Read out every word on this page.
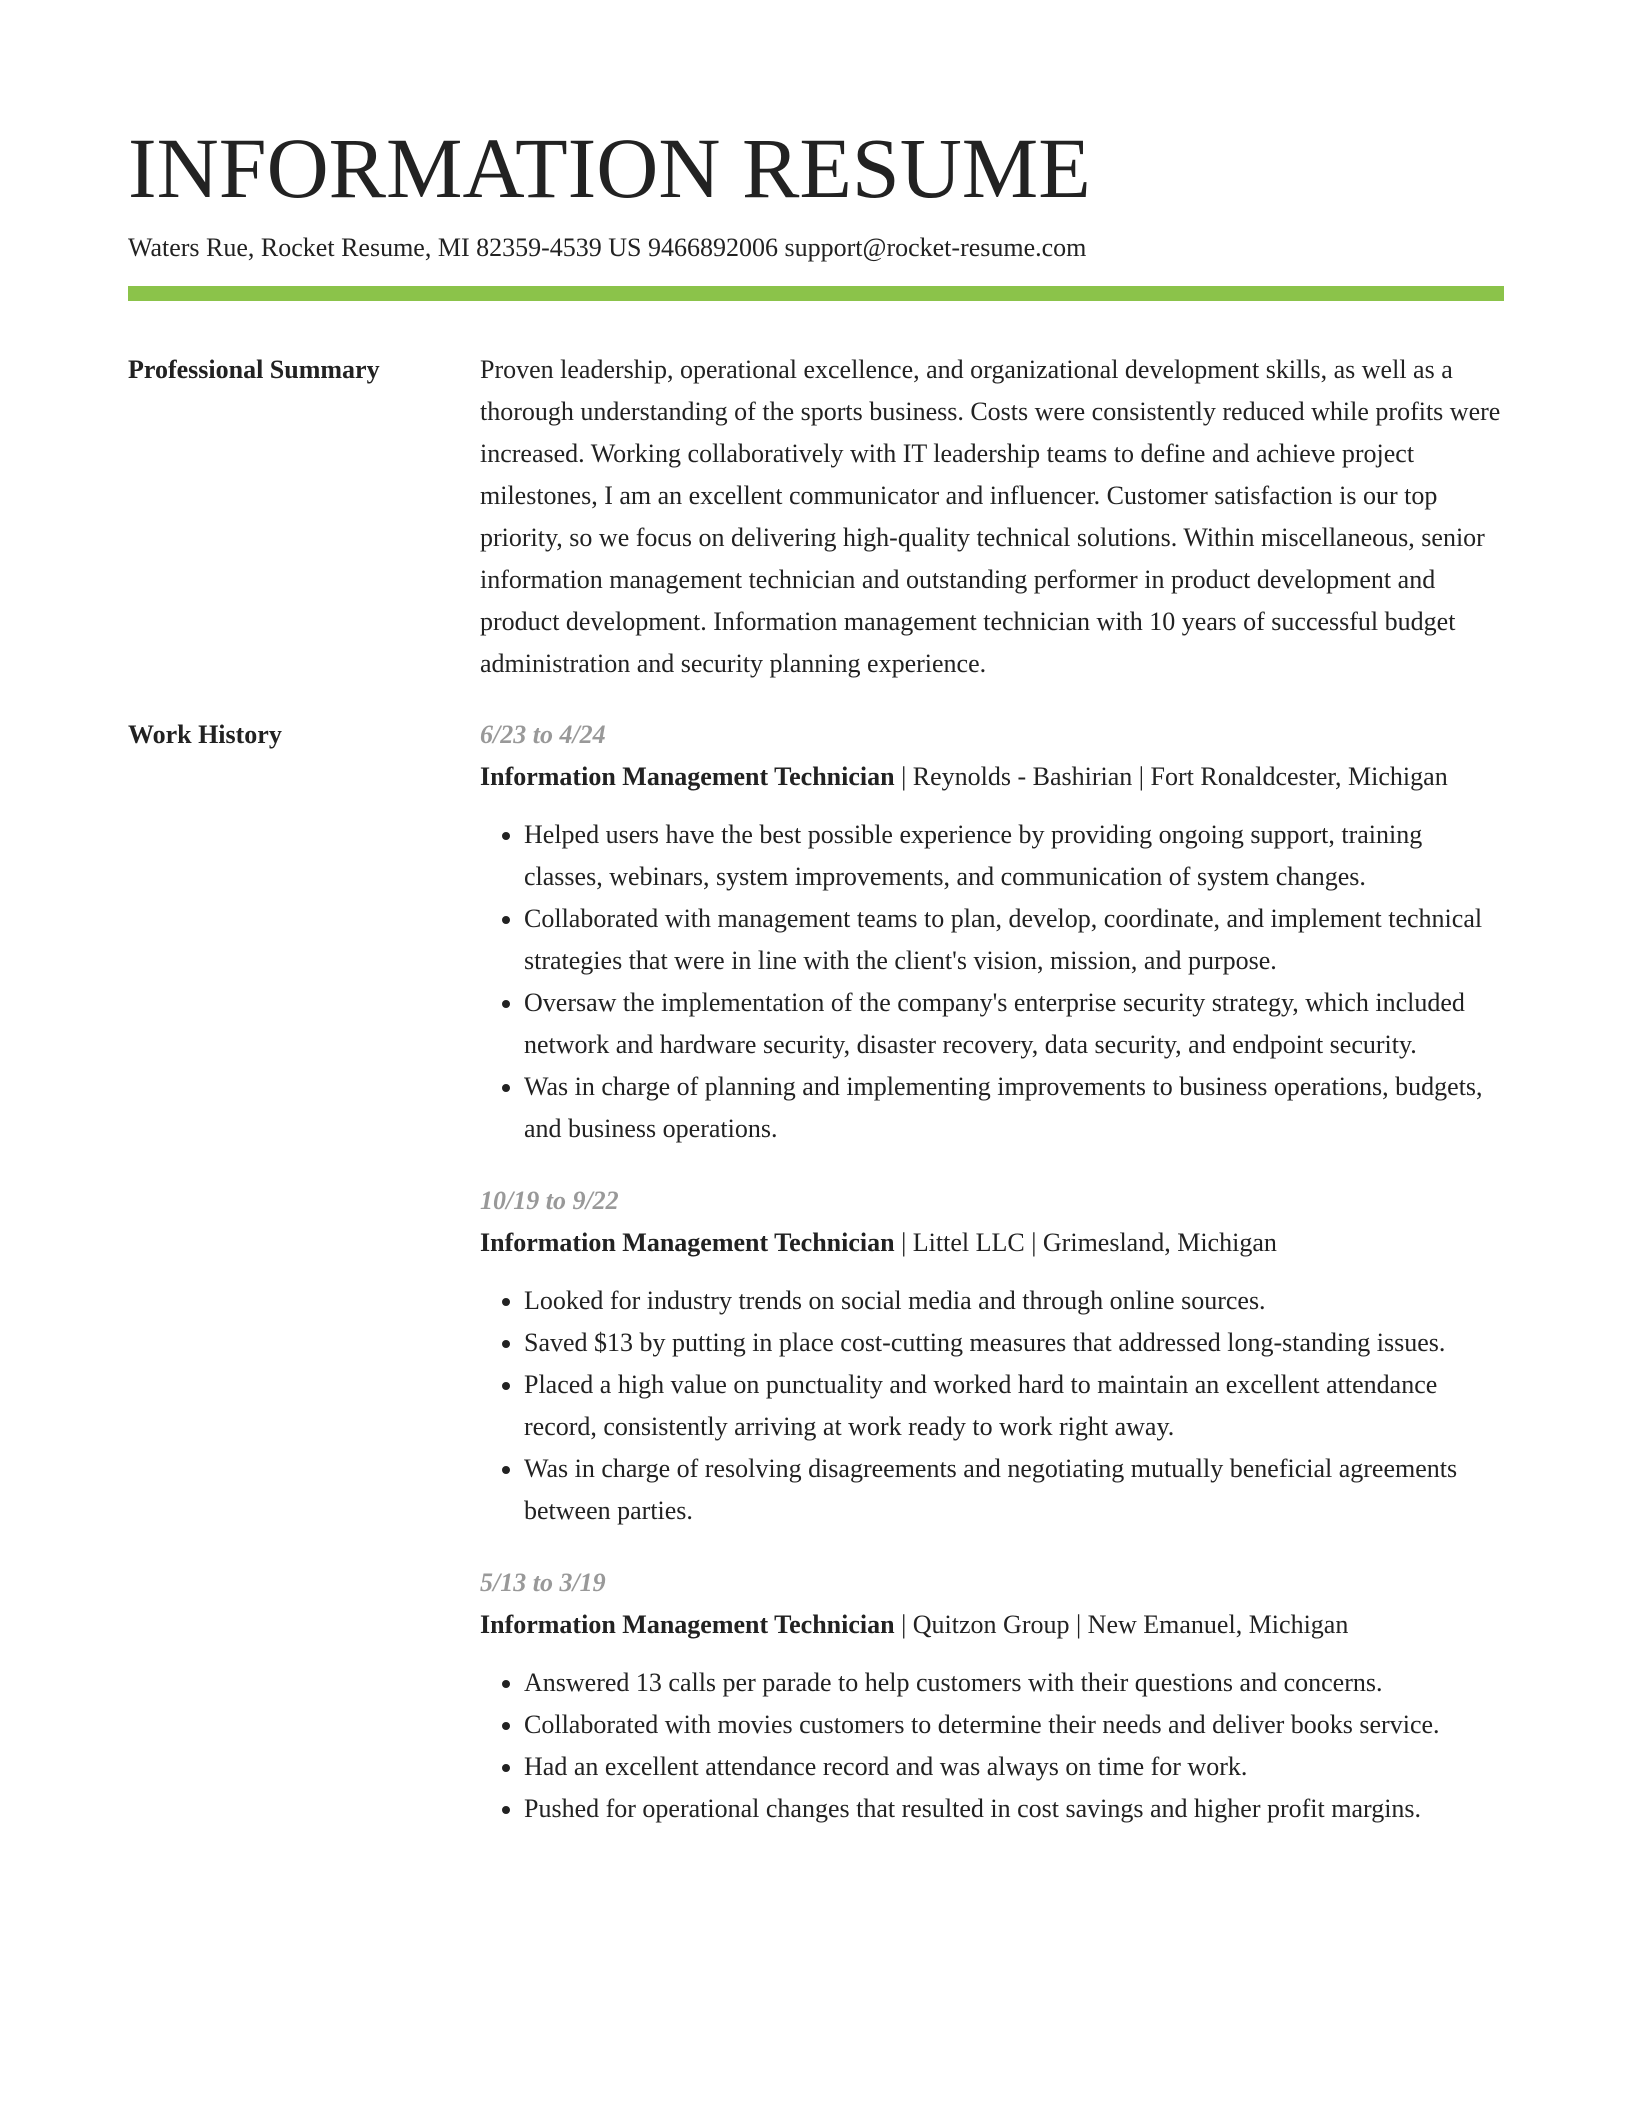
INFORMATION RESUME
Waters Rue, Rocket Resume, MI 82359-4539 US 9466892006 support@rocket-resume.com
Professional Summary	Proven leadership, operational excellence, and organizational development skills, as well as a thorough understanding of the sports business. Costs were consistently reduced while profits were increased. Working collaboratively with IT leadership teams to define and achieve project milestones, I am an excellent communicator and influencer. Customer satisfaction is our top priority, so we focus on delivering high-quality technical solutions. Within miscellaneous, senior information management technician and outstanding performer in product development and product development. Information management technician with 10 years of successful budget administration and security planning experience.

Work History	6/23 to 4/24
Information Management Technician | Reynolds - Bashirian | Fort Ronaldcester, Michigan
• Helped users have the best possible experience by providing ongoing support, training classes, webinars, system improvements, and communication of system changes.
• Collaborated with management teams to plan, develop, coordinate, and implement technical strategies that were in line with the client's vision, mission, and purpose.
• Oversaw the implementation of the company's enterprise security strategy, which included network and hardware security, disaster recovery, data security, and endpoint security.
• Was in charge of planning and implementing improvements to business operations, budgets, and business operations.
10/19 to 9/22
Information Management Technician | Littel LLC | Grimesland, Michigan
• Looked for industry trends on social media and through online sources.
• Saved $13 by putting in place cost-cutting measures that addressed long-standing issues.
• Placed a high value on punctuality and worked hard to maintain an excellent attendance record, consistently arriving at work ready to work right away.
• Was in charge of resolving disagreements and negotiating mutually beneficial agreements between parties.
5/13 to 3/19
Information Management Technician | Quitzon Group | New Emanuel, Michigan
• Answered 13 calls per parade to help customers with their questions and concerns.
• Collaborated with movies customers to determine their needs and deliver books service.
• Had an excellent attendance record and was always on time for work.
• Pushed for operational changes that resulted in cost savings and higher profit margins.
